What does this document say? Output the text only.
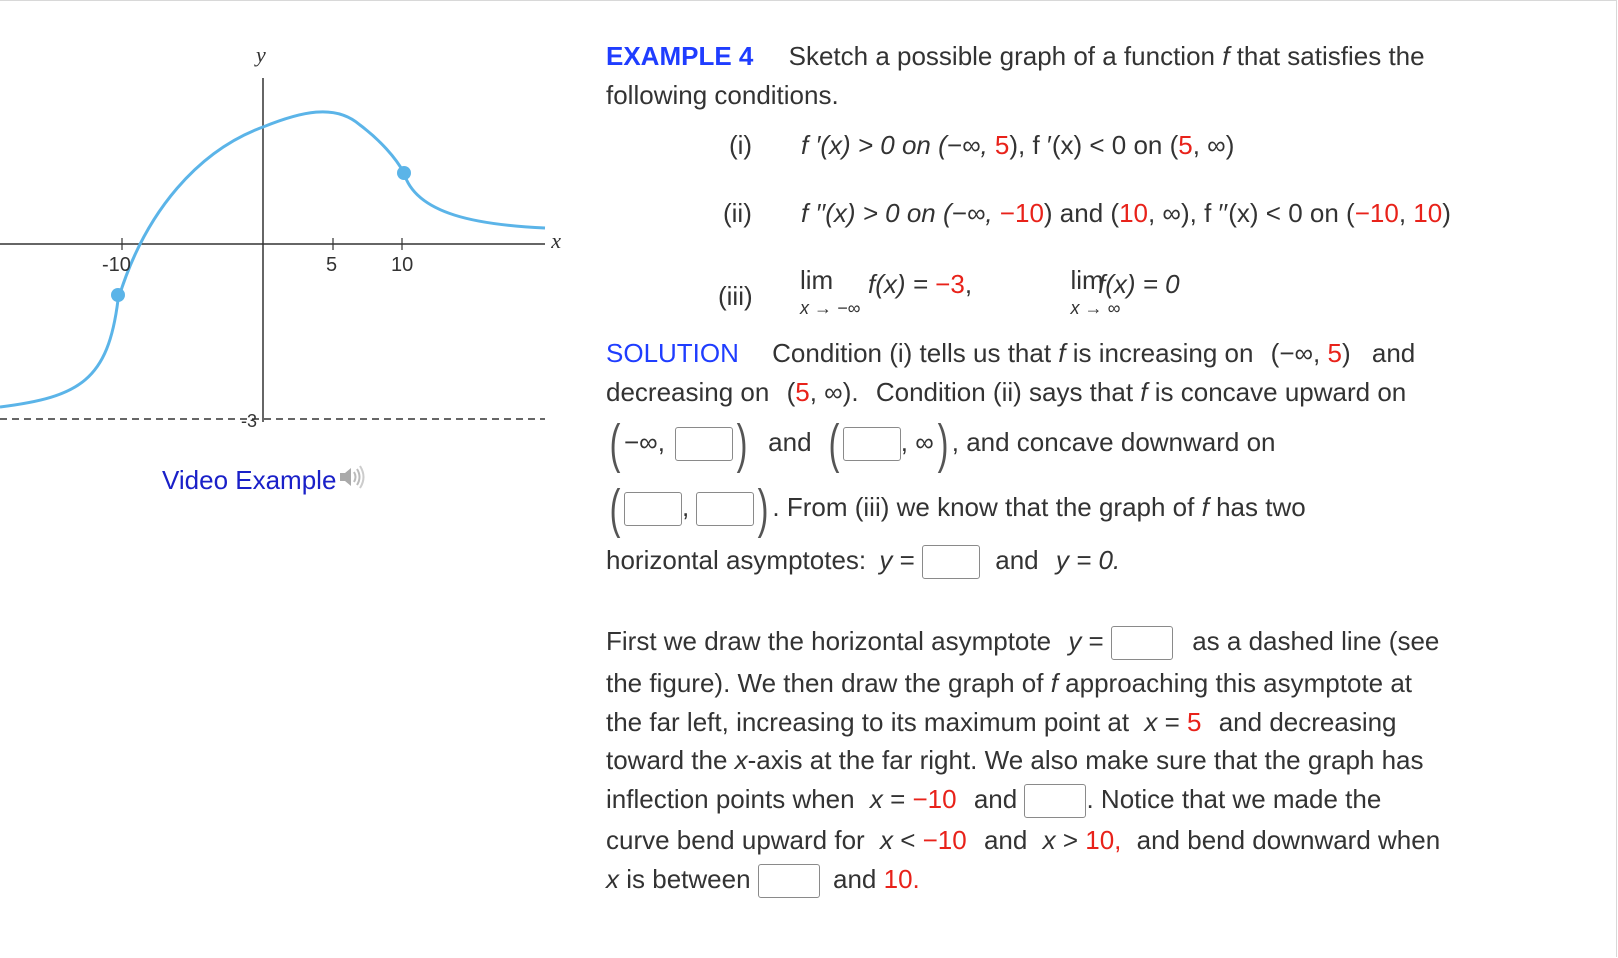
y
x
-10	5	10
-3
Video Example
EXAMPLE 4 Sketch a possible graph of a function f that satisfies the
following conditions.
(i) f ′(x) > 0 on (−∞, 5), f ′(x) < 0 on (5, ∞)
(ii) f ′′(x) > 0 on (−∞, −10) and (10, ∞), f ′′(x) < 0 on (−10, 10)
(iii)
lim
x → −∞

f(x) = −3,	lim
x → ∞
f(x) = 0
SOLUTION Condition (i) tells us that f is increasing on (−∞, 5) and
decreasing on (5, ∞). Condition (ii) says that f is concave upward on
( −∞, ) and ( , ∞) , and concave downward on
( , ) . From (iii) we know that the graph of f has two
horizontal asymptotes: y =	and y = 0.
First we draw the horizontal asymptote y =	as a dashed line (see
the figure). We then draw the graph of f approaching this asymptote at
the far left, increasing to its maximum point at x = 5 and decreasing
toward the x-axis at the far right. We also make sure that the graph has
inflection points when x = −10 and	. Notice that we made the
curve bend upward for x < −10 and x > 10, and bend downward when
x is between	and 10.
